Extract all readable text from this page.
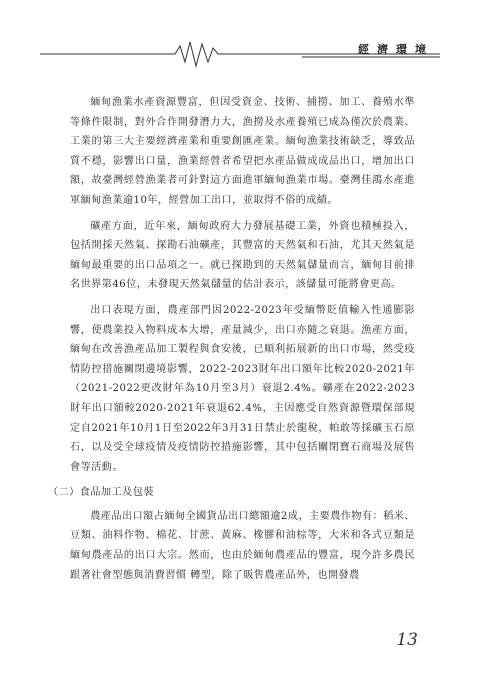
經濟環境

緬甸漁業水產資源豐富，但因受資金、技術、捕撈、加工、養殖水準等條件限制，對外合作開發潛力大，漁撈及水產養殖已成為僅次於農業、工業的第三大主要經濟產業和重要創匯產業。緬甸漁業技術缺乏，導致品質不穩，影響出口量，漁業經營者希望把水產品做成成品出口，增加出口額，故臺灣經營漁業者可針對這方面進軍緬甸漁業市場。臺灣佳鴻水產進軍緬甸漁業逾10年，經營加工出口，並取得不俗的成績。

礦產方面，近年來，緬甸政府大力發展基礎工業，外資也積極投入，包括開採天然氣、探勘石油礦產，其豐富的天然氣和石油，尤其天然氣是緬甸最重要的出口品項之一。就已探勘到的天然氣儲量而言，緬甸目前排名世界第46位，未發現天然氣儲量的估計表示，該儲量可能將會更高。

出口表現方面，農產部門因2022-2023年受緬幣貶值輸入性通膨影響，使農業投入物料成本大增，產量減少，出口亦隨之衰退。漁產方面，緬甸在改善漁產品加工製程與食安後，已順利拓展新的出口市場，然受疫情防控措施關閉邊境影響，2022-2023財年出口額年比較2020-2021年（2021-2022更改財年為10月至3月）衰退2.4%。礦產在2022-2023財年出口額較2020-2021年衰退62.4%，主因應受自然資源暨環保部規定自2021年10月1日至2022年3月31日禁止於龍稅，帕敢等採礦玉石原石，以及受全球疫情及疫情防控措施影響，其中包括關閉寶石商場及展售會等活動。

（二）食品加工及包裝

農產品出口額占緬甸全國貨品出口總額逾2成，主要農作物有：稻米、豆類、油料作物、棉花、甘蔗、黃麻、橡膠和油棕等，大米和各式豆類是緬甸農產品的出口大宗。然而，也由於緬甸農產品的豐富，現今許多農民跟著社會型態與消費習慣 轉型，除了販售農產品外，也開發農

13
